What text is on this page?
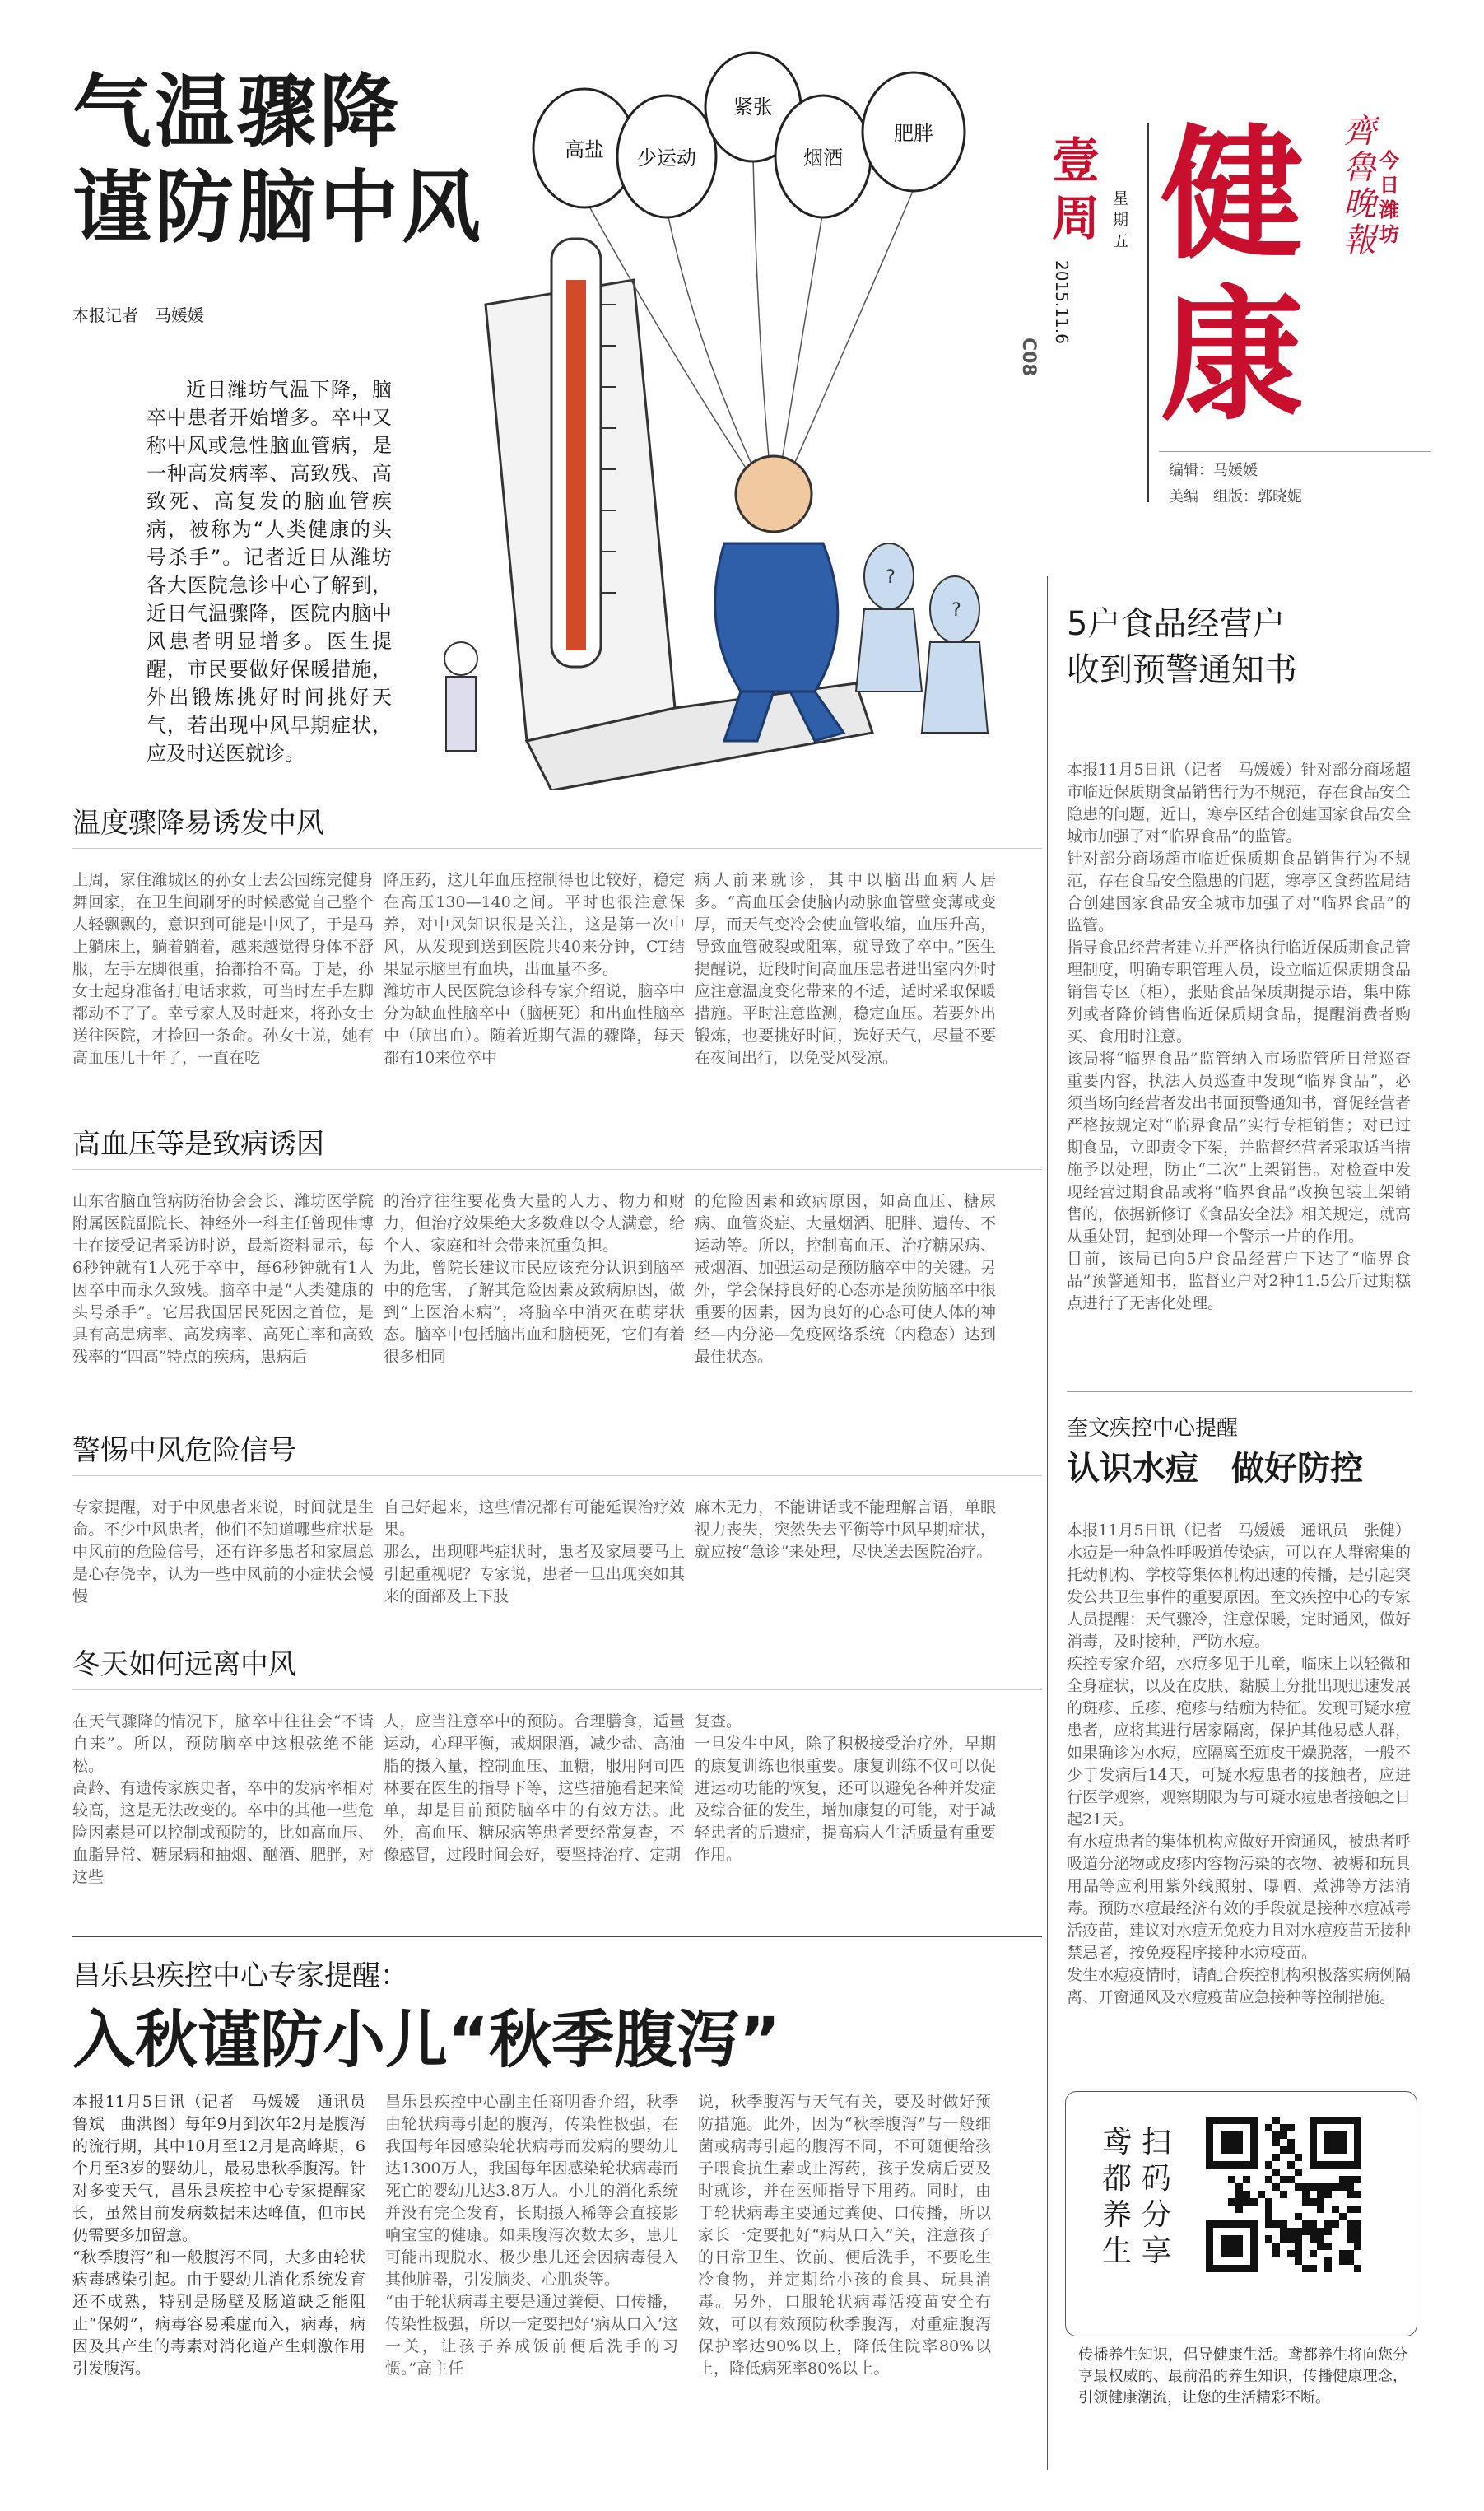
气温骤降
谨防脑中风
本报记者　马媛媛
近日潍坊气温下降，脑卒中患者开始增多。卒中又称中风或急性脑血管病，是一种高发病率、高致残、高致死、高复发的脑血管疾病，被称为“人类健康的头号杀手”。记者近日从潍坊各大医院急诊中心了解到，近日气温骤降，医院内脑中风患者明显增多。医生提醒，市民要做好保暖措施，外出锻炼挑好时间挑好天气，若出现中风早期症状，应及时送医就诊。
高盐 少运动
紧张
烟酒
肥胖
?
?
壹周 星期五
2015.11.6
C08
健康
齊魯晚報
今日潍坊
编辑：马媛媛
美编　组版：郭晓妮
温度骤降易诱发中风
上周，家住潍城区的孙女士去公园练完健身舞回家，在卫生间刷牙的时候感觉自己整个人轻飘飘的，意识到可能是中风了，于是马上躺床上，躺着躺着，越来越觉得身体不舒服，左手左脚很重，抬都抬不高。于是，孙女士起身准备打电话求救，可当时左手左脚都动不了了。幸亏家人及时赶来，将孙女士送往医院，才捡回一条命。孙女士说，她有高血压几十年了，一直在吃
降压药，这几年血压控制得也比较好，稳定在高压130—140之间。平时也很注意保养，对中风知识很是关注，这是第一次中风，从发现到送到医院共40来分钟，CT结果显示脑里有血块，出血量不多。
潍坊市人民医院急诊科专家介绍说，脑卒中分为缺血性脑卒中（脑梗死）和出血性脑卒中（脑出血）。随着近期气温的骤降，每天都有10来位卒中
病人前来就诊，其中以脑出血病人居多。“高血压会使脑内动脉血管壁变薄或变厚，而天气变冷会使血管收缩，血压升高，导致血管破裂或阻塞，就导致了卒中。”医生提醒说，近段时间高血压患者进出室内外时应注意温度变化带来的不适，适时采取保暖措施。平时注意监测，稳定血压。若要外出锻炼，也要挑好时间，选好天气，尽量不要在夜间出行，以免受风受凉。
高血压等是致病诱因
山东省脑血管病防治协会会长、潍坊医学院附属医院副院长、神经外一科主任曾现伟博士在接受记者采访时说，最新资料显示，每6秒钟就有1人死于卒中，每6秒钟就有1人因卒中而永久致残。脑卒中是“人类健康的头号杀手”。它居我国居民死因之首位，是具有高患病率、高发病率、高死亡率和高致残率的“四高”特点的疾病，患病后
的治疗往往要花费大量的人力、物力和财力，但治疗效果绝大多数难以令人满意，给个人、家庭和社会带来沉重负担。
为此，曾院长建议市民应该充分认识到脑卒中的危害，了解其危险因素及致病原因，做到“上医治未病”，将脑卒中消灭在萌芽状态。脑卒中包括脑出血和脑梗死，它们有着很多相同
的危险因素和致病原因，如高血压、糖尿病、血管炎症、大量烟酒、肥胖、遗传、不运动等。所以，控制高血压、治疗糖尿病、戒烟酒、加强运动是预防脑卒中的关键。另外，学会保持良好的心态亦是预防脑卒中很重要的因素，因为良好的心态可使人体的神经—内分泌—免疫网络系统（内稳态）达到最佳状态。
警惕中风危险信号
专家提醒，对于中风患者来说，时间就是生命。不少中风患者，他们不知道哪些症状是中风前的危险信号，还有许多患者和家属总是心存侥幸，认为一些中风前的小症状会慢慢
自己好起来，这些情况都有可能延误治疗效果。
那么，出现哪些症状时，患者及家属要马上引起重视呢？专家说，患者一旦出现突如其来的面部及上下肢
麻木无力，不能讲话或不能理解言语，单眼视力丧失，突然失去平衡等中风早期症状，就应按“急诊”来处理，尽快送去医院治疗。
冬天如何远离中风
在天气骤降的情况下，脑卒中往往会“不请自来”。所以，预防脑卒中这根弦绝不能松。
高龄、有遗传家族史者，卒中的发病率相对较高，这是无法改变的。卒中的其他一些危险因素是可以控制或预防的，比如高血压、血脂异常、糖尿病和抽烟、酗酒、肥胖，对这些
人，应当注意卒中的预防。合理膳食，适量运动，心理平衡，戒烟限酒，减少盐、高油脂的摄入量，控制血压、血糖，服用阿司匹林要在医生的指导下等，这些措施看起来简单，却是目前预防脑卒中的有效方法。此外，高血压、糖尿病等患者要经常复查，不像感冒，过段时间会好，要坚持治疗、定期
复查。
一旦发生中风，除了积极接受治疗外，早期的康复训练也很重要。康复训练不仅可以促进运动功能的恢复，还可以避免各种并发症及综合征的发生，增加康复的可能，对于减轻患者的后遗症，提高病人生活质量有重要作用。
昌乐县疾控中心专家提醒：
入秋谨防小儿“秋季腹泻”
本报11月5日讯（记者　马媛媛　通讯员　鲁斌　曲洪图）每年9月到次年2月是腹泻的流行期，其中10月至12月是高峰期，6个月至3岁的婴幼儿，最易患秋季腹泻。针对多变天气，昌乐县疾控中心专家提醒家长，虽然目前发病数据未达峰值，但市民仍需要多加留意。
“秋季腹泻”和一般腹泻不同，大多由轮状病毒感染引起。由于婴幼儿消化系统发育还不成熟，特别是肠壁及肠道缺乏能阻止“保姆”，病毒容易乘虚而入，病毒，病因及其产生的毒素对消化道产生刺激作用引发腹泻。
昌乐县疾控中心副主任商明香介绍，秋季由轮状病毒引起的腹泻，传染性极强，在我国每年因感染轮状病毒而发病的婴幼儿达1300万人，我国每年因感染轮状病毒而死亡的婴幼儿达3.8万人。小儿的消化系统并没有完全发育，长期摄入稀等会直接影响宝宝的健康。如果腹泻次数太多，患儿可能出现脱水、极少患儿还会因病毒侵入其他脏器，引发脑炎、心肌炎等。
“由于轮状病毒主要是通过粪便、口传播，传染性极强，所以一定要把好‘病从口入’这一关，让孩子养成饭前便后洗手的习惯。”高主任
说，秋季腹泻与天气有关，要及时做好预防措施。此外，因为“秋季腹泻”与一般细菌或病毒引起的腹泻不同，不可随便给孩子喂食抗生素或止泻药，孩子发病后要及时就诊，并在医师指导下用药。同时，由于轮状病毒主要通过粪便、口传播，所以家长一定要把好“病从口入”关，注意孩子的日常卫生、饮前、便后洗手，不要吃生冷食物，并定期给小孩的食具、玩具消毒。另外，口服轮状病毒活疫苗安全有效，可以有效预防秋季腹泻，对重症腹泻保护率达90%以上，降低住院率80%以上，降低病死率80%以上。
5户食品经营户
收到预警通知书
本报11月5日讯（记者　马媛媛）针对部分商场超市临近保质期食品销售行为不规范，存在食品安全隐患的问题，近日，寒亭区结合创建国家食品安全城市加强了对“临界食品”的监管。
针对部分商场超市临近保质期食品销售行为不规范，存在食品安全隐患的问题，寒亭区食药监局结合创建国家食品安全城市加强了对“临界食品”的监管。
指导食品经营者建立并严格执行临近保质期食品管理制度，明确专职管理人员，设立临近保质期食品销售专区（柜），张贴食品保质期提示语，集中陈列或者降价销售临近保质期食品，提醒消费者购买、食用时注意。
该局将“临界食品”监管纳入市场监管所日常巡查重要内容，执法人员巡查中发现“临界食品”，必须当场向经营者发出书面预警通知书，督促经营者严格按规定对“临界食品”实行专柜销售；对已过期食品，立即责令下架，并监督经营者采取适当措施予以处理，防止“二次”上架销售。对检查中发现经营过期食品或将“临界食品”改换包装上架销售的，依据新修订《食品安全法》相关规定，就高从重处罚，起到处理一个警示一片的作用。
目前，该局已向5户食品经营户下达了“临界食品”预警通知书，监督业户对2种11.5公斤过期糕点进行了无害化处理。
奎文疾控中心提醒
认识水痘　做好防控
本报11月5日讯（记者　马媛媛　通讯员　张健）水痘是一种急性呼吸道传染病，可以在人群密集的托幼机构、学校等集体机构迅速的传播，是引起突发公共卫生事件的重要原因。奎文疾控中心的专家人员提醒：天气骤冷，注意保暖，定时通风，做好消毒，及时接种，严防水痘。
疾控专家介绍，水痘多见于儿童，临床上以轻微和全身症状，以及在皮肤、黏膜上分批出现迅速发展的斑疹、丘疹、疱疹与结痂为特征。发现可疑水痘患者，应将其进行居家隔离，保护其他易感人群，如果确诊为水痘，应隔离至痂皮干燥脱落，一般不少于发病后14天，可疑水痘患者的接触者，应进行医学观察，观察期限为与可疑水痘患者接触之日起21天。
有水痘患者的集体机构应做好开窗通风，被患者呼吸道分泌物或皮疹内容物污染的衣物、被褥和玩具用品等应利用紫外线照射、曝晒、煮沸等方法消毒。预防水痘最经济有效的手段就是接种水痘减毒活疫苗，建议对水痘无免疫力且对水痘疫苗无接种禁忌者，按免疫程序接种水痘疫苗。
发生水痘疫情时，请配合疾控机构积极落实病例隔离、开窗通风及水痘疫苗应急接种等控制措施。
扫码分享
鸢都养生
传播养生知识，倡导健康生活。鸢都养生将向您分享最权威的、最前沿的养生知识，传播健康理念，引领健康潮流，让您的生活精彩不断。
